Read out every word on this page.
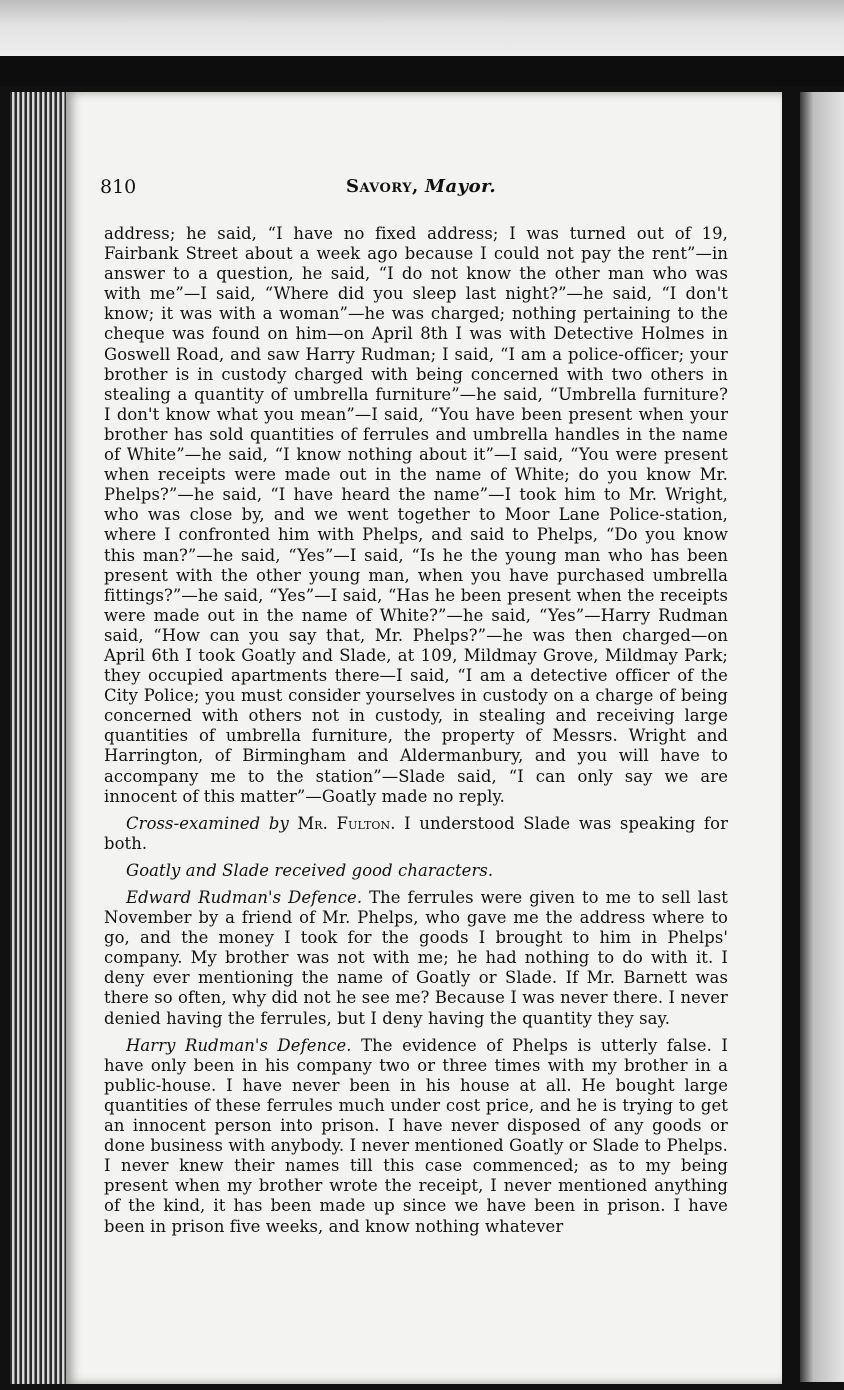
810	Savory, Mayor.

address; he said, “I have no fixed address; I was turned out of 19, Fairbank Street about a week ago because I could not pay the rent”—in answer to a question, he said, “I do not know the other man who was with me”—I said, “Where did you sleep last night?”—he said, “I don't know; it was with a woman”—he was charged; nothing pertaining to the cheque was found on him—on April 8th I was with Detective Holmes in Goswell Road, and saw Harry Rudman; I said, “I am a police-officer; your brother is in custody charged with being concerned with two others in stealing a quantity of umbrella furniture”—he said, “Umbrella furniture? I don't know what you mean”—I said, “You have been present when your brother has sold quantities of ferrules and umbrella handles in the name of White”—he said, “I know nothing about it”—I said, “You were present when receipts were made out in the name of White; do you know Mr. Phelps?”—he said, “I have heard the name”—I took him to Mr. Wright, who was close by, and we went together to Moor Lane Police-station, where I confronted him with Phelps, and said to Phelps, “Do you know this man?”—he said, “Yes”—I said, “Is he the young man who has been present with the other young man, when you have purchased umbrella fittings?”—he said, “Yes”—I said, “Has he been present when the receipts were made out in the name of White?”—he said, “Yes”—Harry Rudman said, “How can you say that, Mr. Phelps?”—he was then charged—on April 6th I took Goatly and Slade, at 109, Mildmay Grove, Mildmay Park; they occupied apartments there—I said, “I am a detective officer of the City Police; you must consider yourselves in custody on a charge of being concerned with others not in custody, in stealing and receiving large quantities of umbrella furniture, the property of Messrs. Wright and Harrington, of Birmingham and Aldermanbury, and you will have to accompany me to the station”—Slade said, “I can only say we are innocent of this matter”—Goatly made no reply.

Cross-examined by Mr. Fulton. I understood Slade was speaking for both.

Goatly and Slade received good characters.

Edward Rudman's Defence. The ferrules were given to me to sell last November by a friend of Mr. Phelps, who gave me the address where to go, and the money I took for the goods I brought to him in Phelps' company. My brother was not with me; he had nothing to do with it. I deny ever mentioning the name of Goatly or Slade. If Mr. Barnett was there so often, why did not he see me? Because I was never there. I never denied having the ferrules, but I deny having the quantity they say.

Harry Rudman's Defence. The evidence of Phelps is utterly false. I have only been in his company two or three times with my brother in a public-house. I have never been in his house at all. He bought large quantities of these ferrules much under cost price, and he is trying to get an innocent person into prison. I have never disposed of any goods or done business with anybody. I never mentioned Goatly or Slade to Phelps. I never knew their names till this case commenced; as to my being present when my brother wrote the receipt, I never mentioned anything of the kind, it has been made up since we have been in prison. I have been in prison five weeks, and know nothing whatever
